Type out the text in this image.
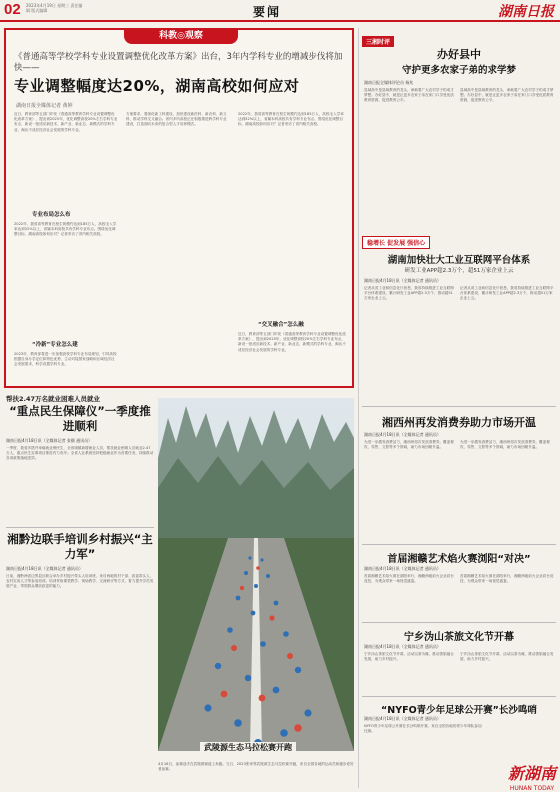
02 2023年4月19日 星期三 责任编辑 版式编辑	要闻	湖南日报
科教◎观察
《普通高等学校学科专业设置调整优化改革方案》出台，3年内学科专业的增减步伐将加快——
专业调整幅度达20%，湖南高校如何应对
湖南日报全媒体记者 黄婷
近日，教育部等五部门印发《普通高等教育学科专业设置调整优化改革方案》，提出到2025年，优化调整高校20%左右学科专业布点，新设一批适应新技术、新产业、新业态、新模式的学科专业，淘汰不适应经济社会发展的学科专业。
专业布局怎么布
2022年，我省高等教育在校生规模约达到185万人，高校毛入学率达到52%以上，省属本科高校共有学科专业布点。围绕优化调整目标，湖南高校如何应对？记者采访了省内相关高校。
“冷新”专业怎么建
2023年，教育部将进一步加强高校学科专业布局规划，引导高校根据自身办学定位和特色优势，主动对接国家战略和区域经济社会发展需求，科学设置学科专业。
方案要求，要深化新工科建设，加快建设新医科、新农科、新文科，推动学科交叉融合。省内多所高校正在积极推进跨学科专业建设，打造面向未来的复合型人才培养模式。
2022年，我省高等教育在校生规模约达到185万人，高校毛入学率达到52%以上，省属本科高校共有学科专业布点。围绕优化调整目标，湖南高校如何应对？记者采访了省内相关高校。
“交叉融合”怎么融
近日，教育部等五部门印发《普通高等教育学科专业设置调整优化改革方案》，提出到2025年，优化调整高校20%左右学科专业布点，新设一批适应新技术、新产业、新业态、新模式的学科专业，淘汰不适应经济社会发展的学科专业。
帮扶2.47万名就业困难人员就业
“重点民生保障仪”一季度推进顺利
湖南日报4月18日讯（全媒体记者 张颐 通讯员）
一季度，我省多措并举稳就业保民生，全省城镇新增就业人员，帮扶就业困难人员就业2.47万人，重点民生实事项目推进有力有序。全省人社系统坚持把稳就业作为首要任务，持续推动各项政策落地见效。
湘黔边联手培训乡村振兴“主力军”
湖南日报4月18日讯（全媒体记者 通讯员）
日前，湘黔两省边界县区联合举办乡村振兴带头人培训班，来自两地的村干部、致富带头人、农村实用人才等参加培训。培训采取课堂教学、现场教学、交流研讨等方式，着力提升学员发展产业、带领群众增收致富的能力。
武陵源生态马拉松赛开跑
4月16日，参赛选手在武陵源赛道上奔跑。当日，2023张家界武陵源生态马拉松赛开跑，来自全国各地的运动员和跑步爱好者参赛。
三湘时评
办好县中
守护更多农家子弟的求学梦
湖南日报全媒体评论员 杨兆
县域高中是县域教育的龙头，承载着广大农村学子的成才梦想。办好县中，就是让更多农家子弟在家门口享受优质教育资源，促进教育公平。
县域高中是县域教育的龙头，承载着广大农村学子的成才梦想。办好县中，就是让更多农家子弟在家门口享受优质教育资源，促进教育公平。
稳增长 促发展 强信心
湖南加快壮大工业互联网平台体系
研发工业APP超2.3万个，超51万家企业上云
湖南日报4月18日讯（全媒体记者 通讯员）
记者从省工业和信息化厅获悉，我省持续推进工业互联网平台体系建设，累计研发工业APP超2.3万个，推动超51万家企业上云。
记者从省工业和信息化厅获悉，我省持续推进工业互联网平台体系建设，累计研发工业APP超2.3万个，推动超51万家企业上云。
湘西州再发消费券助力市场开温
湖南日报4月18日讯（全媒体记者 通讯员）
为进一步激发消费活力，湘西州再次发放消费券，覆盖餐饮、零售、文旅等多个领域，助力市场回暖升温。
为进一步激发消费活力，湘西州再次发放消费券，覆盖餐饮、零售、文旅等多个领域，助力市场回暖升温。
首届湘赣艺术焰火赛浏阳“对决”
湖南日报4月18日讯（全媒体记者 通讯员）
首届湘赣艺术焰火赛在浏阳举行，湘赣两地焰火企业同台竞技，为观众带来一场视觉盛宴。
首届湘赣艺术焰火赛在浏阳举行，湘赣两地焰火企业同台竞技，为观众带来一场视觉盛宴。
宁乡沩山茶旅文化节开幕
湖南日报4月18日讯（全媒体记者 通讯员）
宁乡沩山茶旅文化节开幕，活动以茶为媒，推动茶旅融合发展，助力乡村振兴。
宁乡沩山茶旅文化节开幕，活动以茶为媒，推动茶旅融合发展，助力乡村振兴。
“NYFO青少年足球公开赛”长沙鸣哨
湖南日报4月18日讯（全媒体记者 通讯员）
NYFO青少年足球公开赛在长沙鸣哨开赛，来自全国各地的青少年球队参加比赛。
新湖南
HUNAN TODAY
